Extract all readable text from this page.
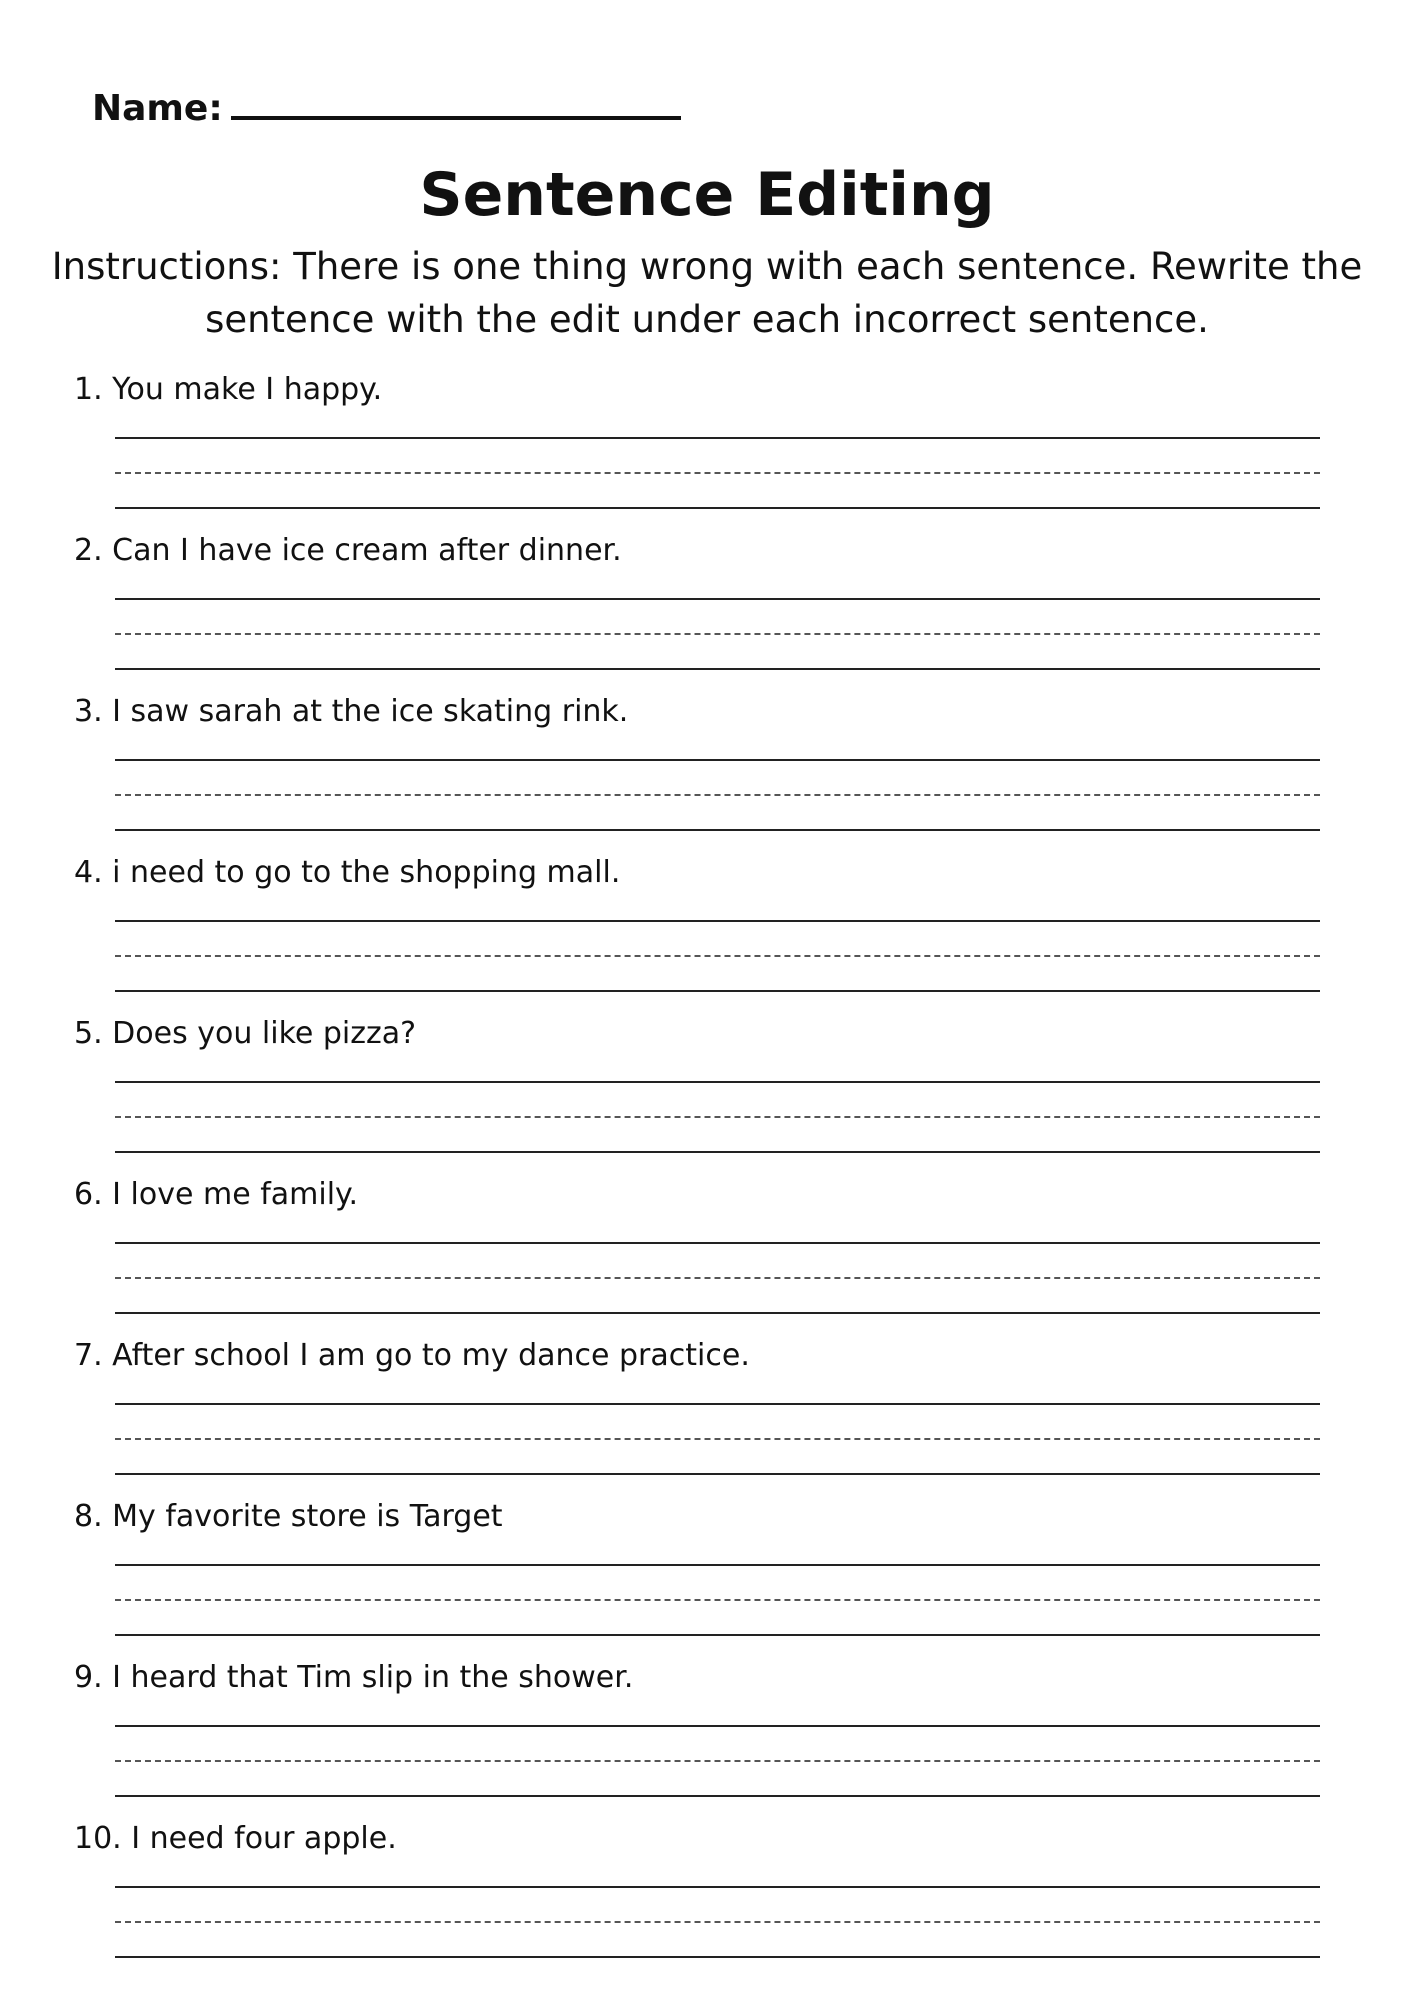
Name:
Sentence Editing

Instructions: There is one thing wrong with each sentence. Rewrite the sentence with the edit under each incorrect sentence.

1. You make I happy.
2. Can I have ice cream after dinner.
3. I saw sarah at the ice skating rink.
4. i need to go to the shopping mall.
5. Does you like pizza?
6. I love me family.
7. After school I am go to my dance practice.
8. My favorite store is Target
9. I heard that Tim slip in the shower.
10. I need four apple.
